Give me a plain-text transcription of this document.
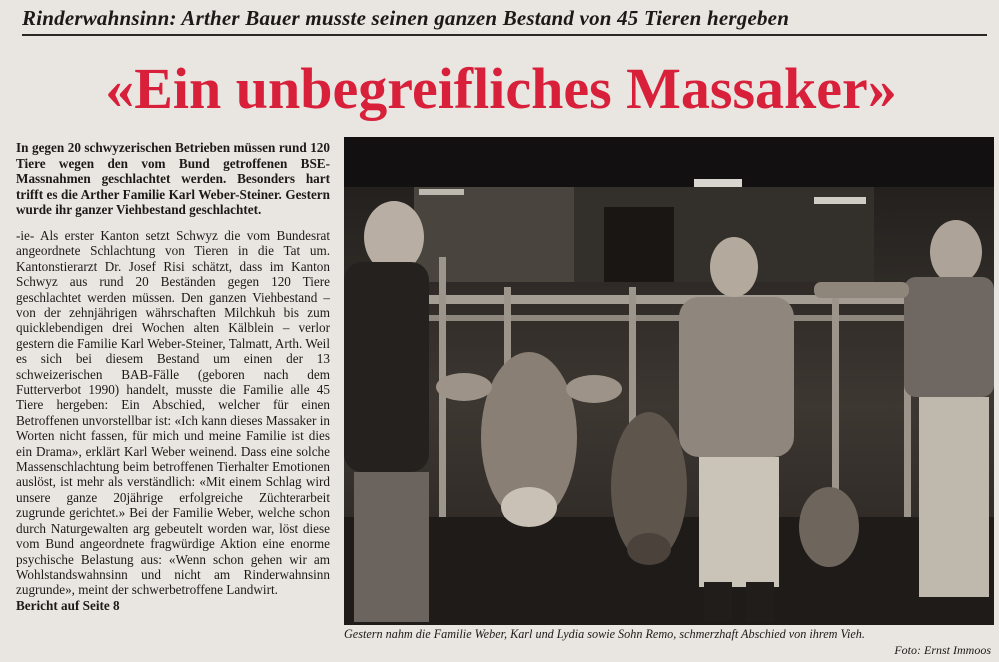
Rinderwahnsinn: Arther Bauer musste seinen ganzen Bestand von 45 Tieren hergeben
«Ein unbegreifliches Massaker»

In gegen 20 schwyzerischen Betrieben müssen rund 120 Tiere wegen den vom Bund getroffenen BSE-Massnahmen geschlachtet werden. Besonders hart trifft es die Arther Familie Karl Weber-Steiner. Gestern wurde ihr ganzer Viehbestand geschlachtet.

-ie- Als erster Kanton setzt Schwyz die vom Bundesrat angeordnete Schlachtung von Tieren in die Tat um. Kantonstierarzt Dr. Josef Risi schätzt, dass im Kanton Schwyz aus rund 20 Beständen gegen 120 Tiere geschlachtet werden müssen. Den ganzen Viehbestand – von der zehnjährigen währschaften Milchkuh bis zum quicklebendigen drei Wochen alten Kälblein – verlor gestern die Familie Karl Weber-Steiner, Talmatt, Arth. Weil es sich bei diesem Bestand um einen der 13 schweizerischen BAB-Fälle (geboren nach dem Futterverbot 1990) handelt, musste die Familie alle 45 Tiere hergeben: Ein Abschied, welcher für einen Betroffenen unvorstellbar ist: «Ich kann dieses Massaker in Worten nicht fassen, für mich und meine Familie ist dies ein Drama», erklärt Karl Weber weinend. Dass eine solche Massenschlachtung beim betroffenen Tierhalter Emotionen auslöst, ist mehr als verständlich: «Mit einem Schlag wird unsere ganze 20jährige erfolgreiche Züchterarbeit zugrunde gerichtet.» Bei der Familie Weber, welche schon durch Naturgewalten arg gebeutelt worden war, löst diese vom Bund angeordnete fragwürdige Aktion eine enorme psychische Belastung aus: «Wenn schon gehen wir am Wohlstandswahnsinn und nicht am Rinderwahnsinn zugrunde», meint der schwerbetroffene Landwirt.

Bericht auf Seite 8
Gestern nahm die Familie Weber, Karl und Lydia sowie Sohn Remo, schmerzhaft Abschied von ihrem Vieh.
Foto: Ernst Immoos
